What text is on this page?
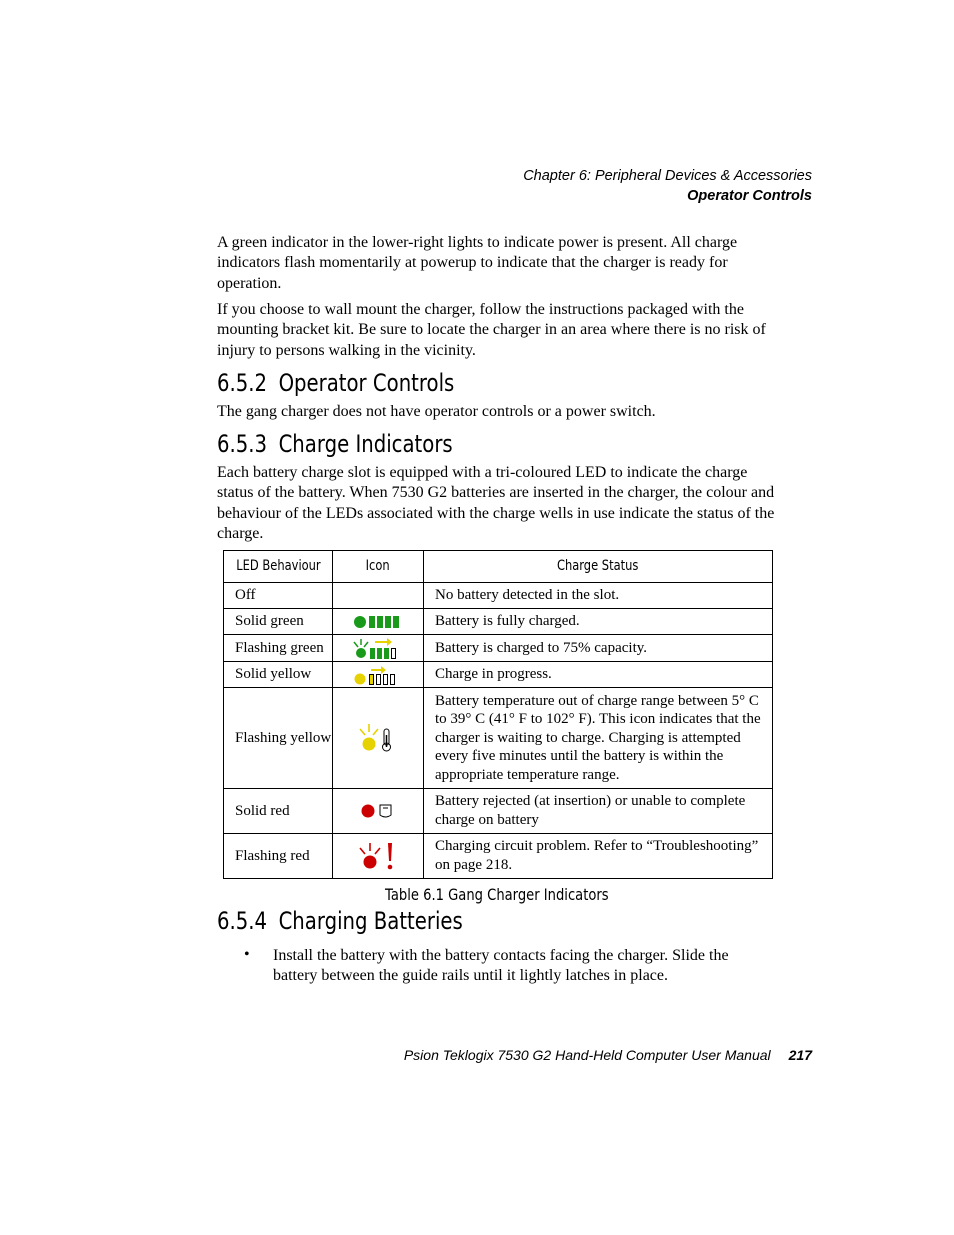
Chapter 6: Peripheral Devices & Accessories
Operator Controls

A green indicator in the lower-right lights to indicate power is present. All charge indicators flash momentarily at powerup to indicate that the charger is ready for operation.

If you choose to wall mount the charger, follow the instructions packaged with the mounting bracket kit. Be sure to locate the charger in an area where there is no risk of injury to persons walking in the vicinity.

6.5.2 Operator Controls

The gang charger does not have operator controls or a power switch.

6.5.3 Charge Indicators

Each battery charge slot is equipped with a tri-coloured LED to indicate the charge status of the battery. When 7530 G2 batteries are inserted in the charger, the colour and behaviour of the LEDs associated with the charge wells in use indicate the status of the charge.

LED Behaviour	Icon	Charge Status
Off		No battery detected in the slot.
Solid green		Battery is fully charged.
Flashing green		Battery is charged to 75% capacity.
Solid yellow		Charge in progress.
Flashing yellow		Battery temperature out of charge range between 5° C to 39° C (41° F to 102° F). This icon indicates that the charger is waiting to charge. Charging is attempted every five minutes until the battery is within the appropriate temperature range.
Solid red		Battery rejected (at insertion) or unable to complete charge on battery
Flashing red		Charging circuit problem. Refer to “Troubleshooting” on page 218.
Table 6.1 Gang Charger Indicators
6.5.4 Charging Batteries
• Install the battery with the battery contacts facing the charger. Slide the battery between the guide rails until it lightly latches in place.

Psion Teklogix 7530 G2 Hand-Held Computer User Manual 217
